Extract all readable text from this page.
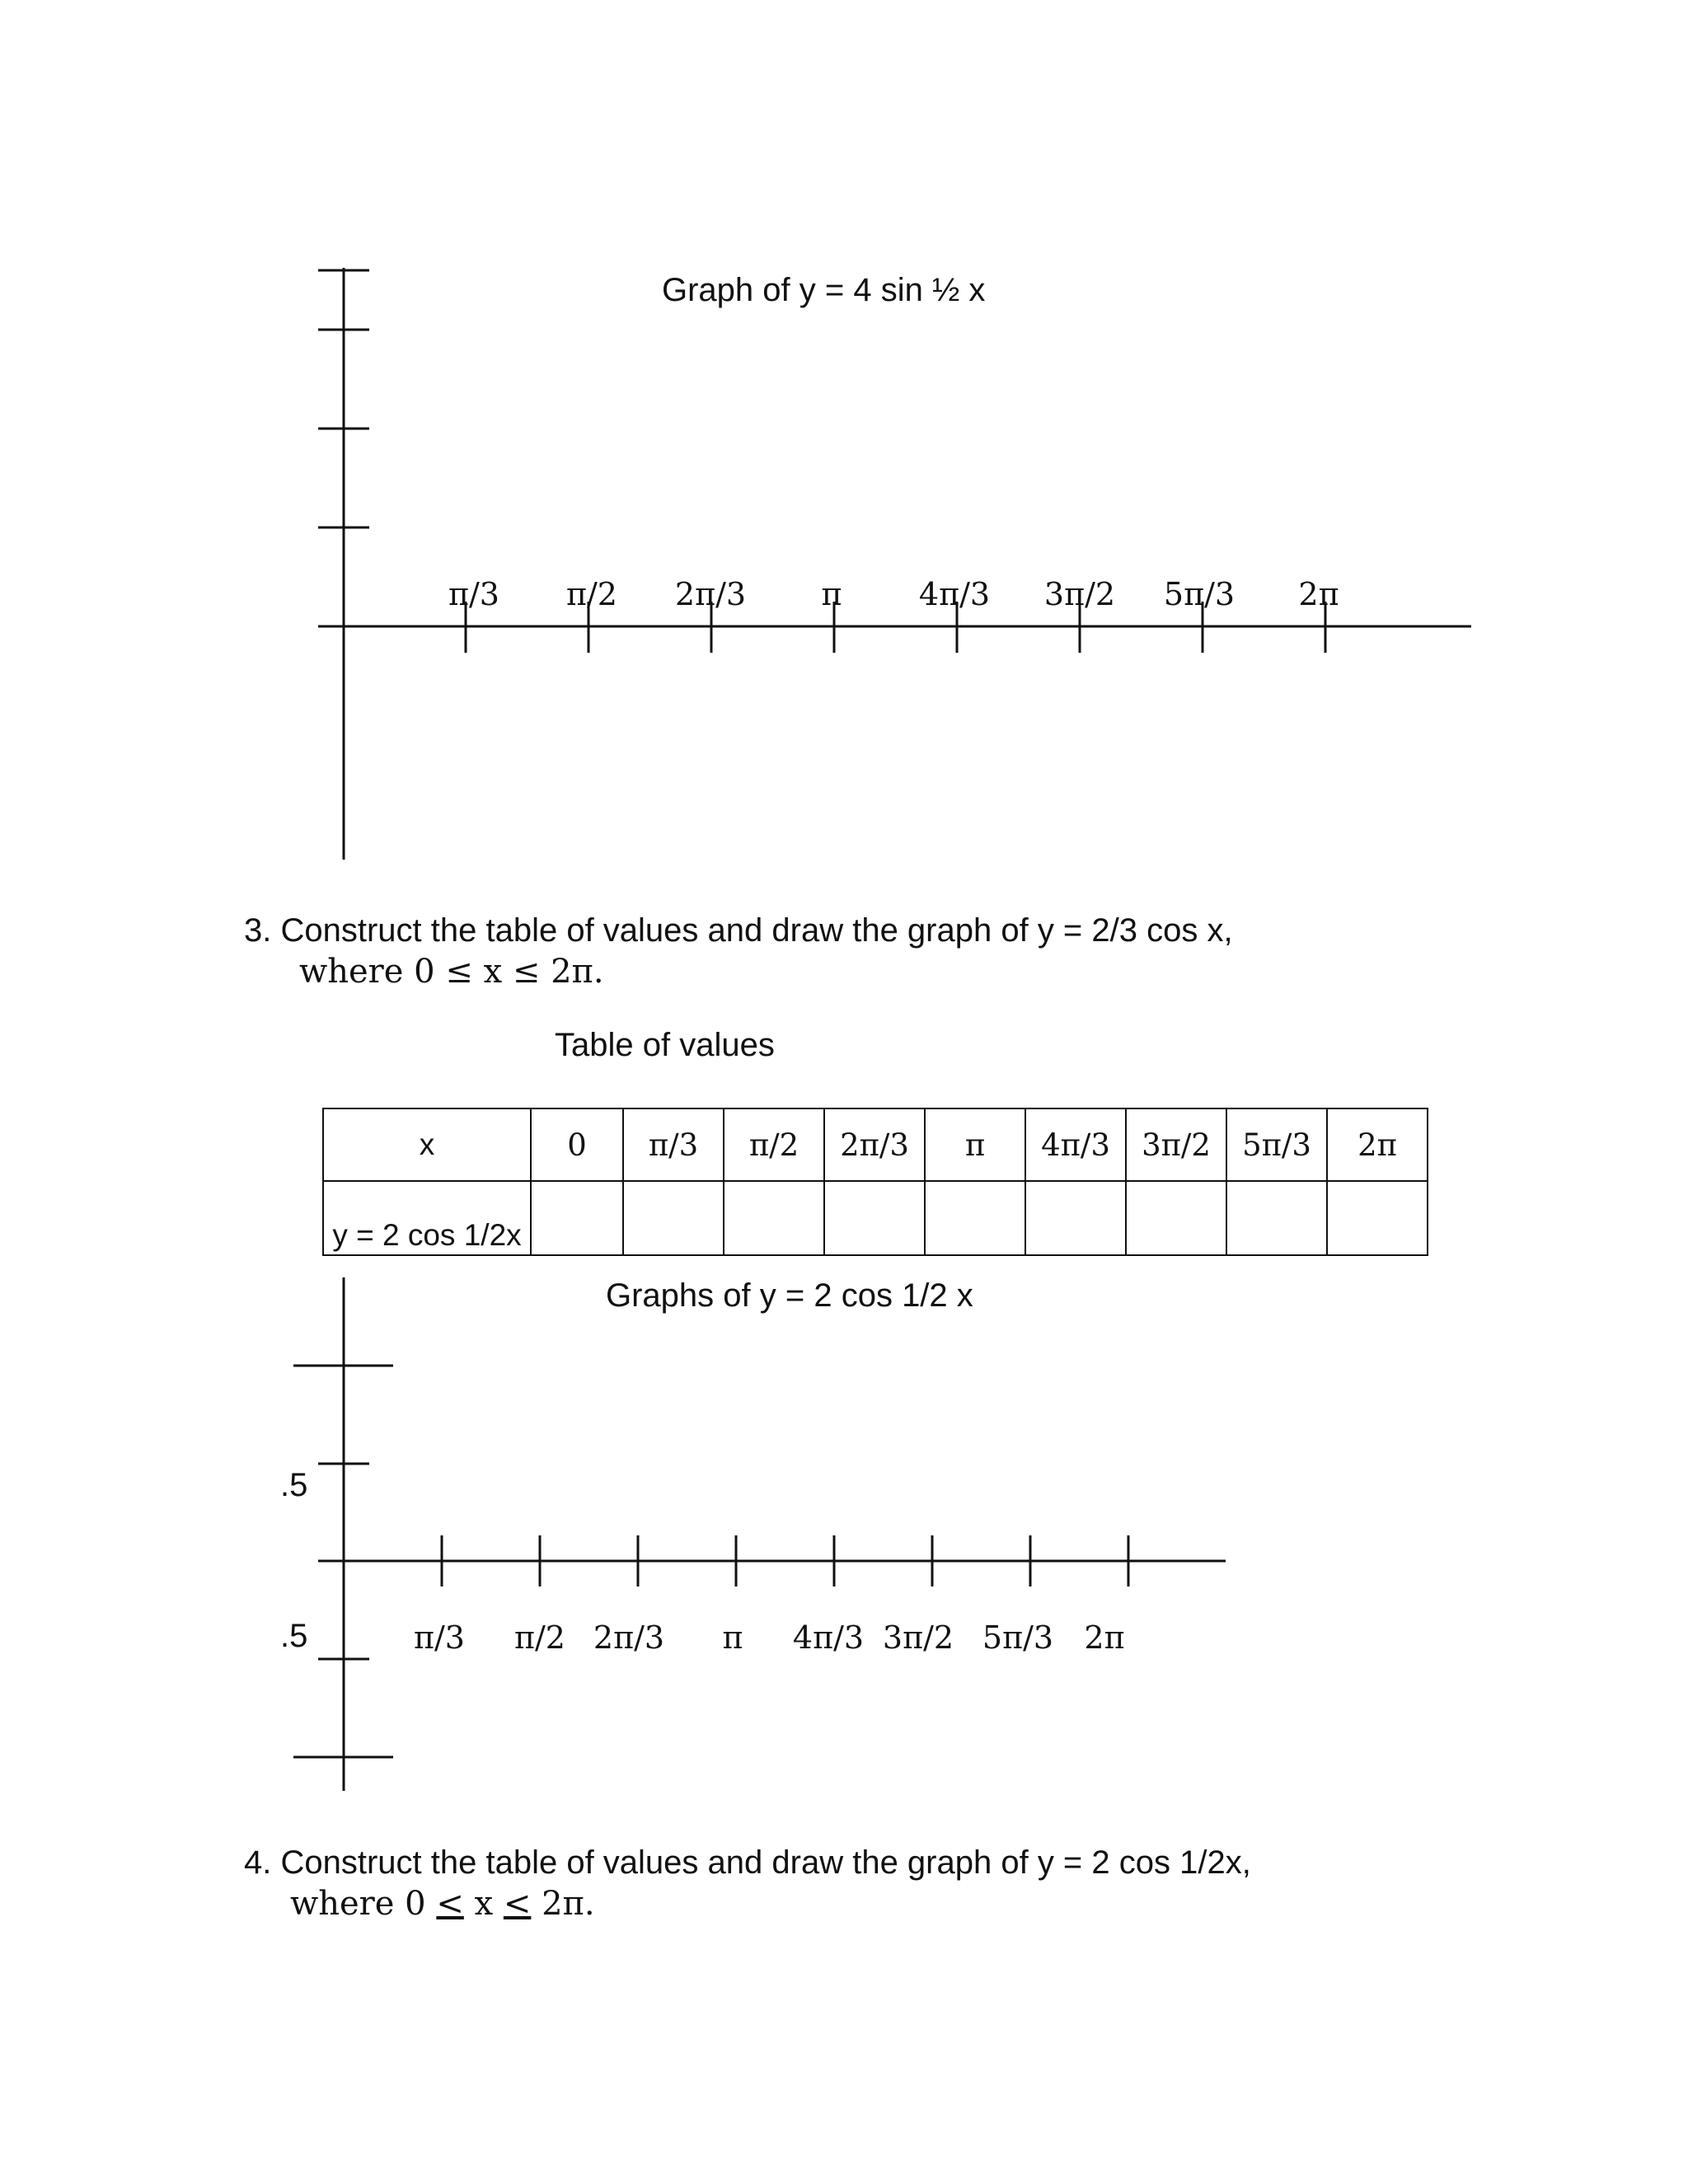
Graph of y = 4 sin ½ x
π/3 π/2 2π/3 π 4π/3 3π/2 5π/3 2π
3. Construct the table of values and draw the graph of y = 2/3 cos x,
where 0 ≤ x ≤ 2π.
Table of values
x	0	π/3	π/2	2π/3	π	4π/3	3π/2	5π/3	2π
y = 2 cos 1/2x									
Graphs of y = 2 cos 1/2 x
.5
.5	π/3 π/2 2π/3 π 4π/3 3π/2 5π/3 2π
4. Construct the table of values and draw the graph of y = 2 cos 1/2x,
where 0 < x < 2π.
